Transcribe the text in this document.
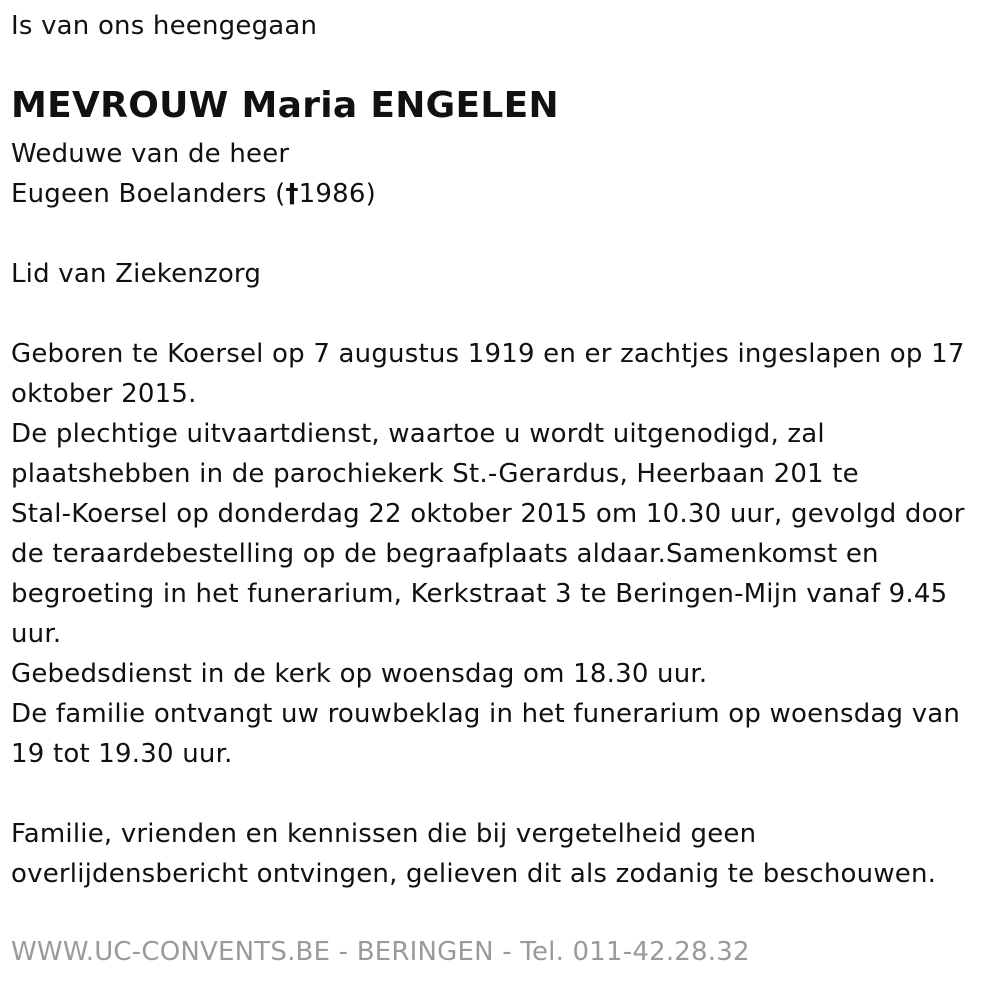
Is van ons heengegaan
MEVROUW Maria ENGELEN
Weduwe van de heer
Eugeen Boelanders (†1986)
Lid van Ziekenzorg
Geboren te Koersel op 7 augustus 1919 en er zachtjes ingeslapen op 17
oktober 2015.
De plechtige uitvaartdienst, waartoe u wordt uitgenodigd, zal
plaatshebben in de parochiekerk St.-Gerardus, Heerbaan 201 te
Stal-Koersel op donderdag 22 oktober 2015 om 10.30 uur, gevolgd door
de teraardebestelling op de begraafplaats aldaar.Samenkomst en
begroeting in het funerarium, Kerkstraat 3 te Beringen-Mijn vanaf 9.45
uur.
Gebedsdienst in de kerk op woensdag om 18.30 uur.
De familie ontvangt uw rouwbeklag in het funerarium op woensdag van
19 tot 19.30 uur.
Familie, vrienden en kennissen die bij vergetelheid geen
overlijdensbericht ontvingen, gelieven dit als zodanig te beschouwen.
WWW.UC-CONVENTS.BE - BERINGEN - Tel. 011-42.28.32
